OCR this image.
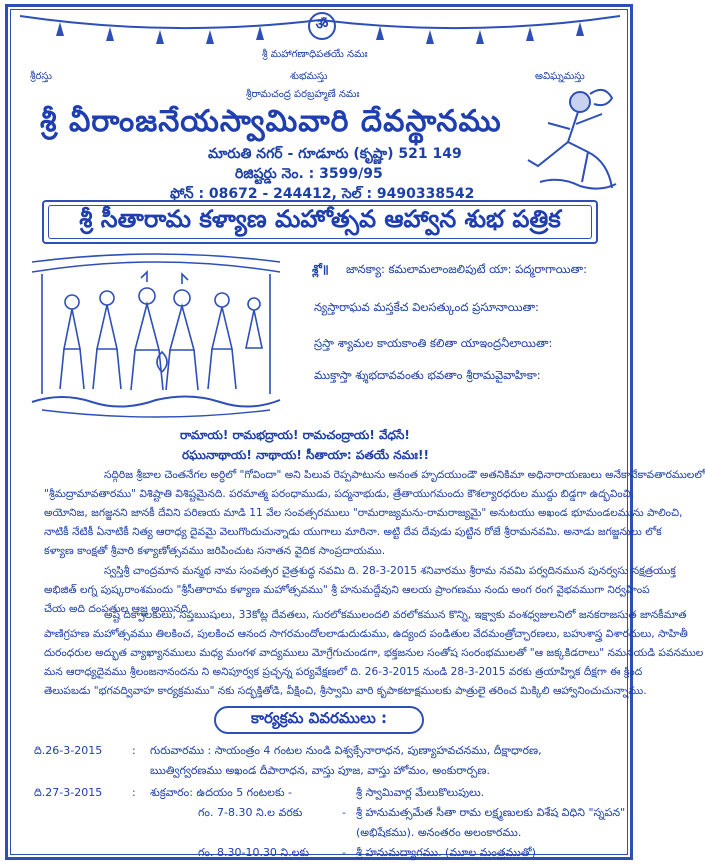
ॐ
శ్రీ మహాగణాధిపతయే నమః
శ్రీరస్తు	శుభమస్తు	అవిఘ్నమస్తు
శ్రీరామచంద్ర పరబ్రహ్మణే నమః
శ్రీ వీరాంజనేయస్వామివారి దేవస్థానము
మారుతి నగర్ - గూడూరు (కృష్ణా) 521 149
రిజిష్టర్డు నెం. : 3599/95
ఫోన్ : 08672 - 244412, సెల్ : 9490338542
శ్రీ సీతారామ కళ్యాణ మహోత్సవ ఆహ్వాన శుభ పత్రిక
శ్లో॥ జానక్యా: కమలామలాంజలిపుటే యా: పద్మరాగాయితా:
న్యస్తారాఘవ మస్తకేచ విలసత్కుంద ప్రసూనాయితా:
స్రస్తా శ్యామల కాయకాంతి కలితా యాఇంద్రనీలాయితా:
ముక్తాస్తా శ్శుభదావవంతు భవతాం శ్రీరామవైవాహికా:
రామాయ! రామభద్రాయ! రామచంద్రాయ! వేధసే!
రఘునాథాయ! నాథాయ! సీతాయా: పతయే నమః!!
సద్గిరిజ శ్రీబాల చెంతనేగల అర్ధిలో "గోవిందా" అని పిలువ రెప్పపాటును అనంత హృదయుండౌ అతనికిమా అధినారాయణులు అనేకానేకావతారములలో
"శ్రీమద్రామావతారము" విశిష్టాతి విశిష్టమైనది. పరమాత్మ పరంధాముడు, పద్మనాభుడు, త్రేతాయుగమందు కౌశల్యారధరుల ముద్దు బిడ్డగా ఉద్భవించి,
అయోనిజ, జగజ్జనని జానకీ దేవిని పరిణయ మాడి 11 వేల సంవత్సరములు "రామరాజ్యమను-రామరాజ్యమై" అనుటయు అఖండ భూమండలమును పాలించి,
నాటికీ నేటికీ ఏనాటికీ నిత్య ఆరాధ్య దైవమై వెలుగొందుచున్నాడు యుగాలు మారినా. అట్టి దేవ దేవుడు పుట్టిన రోజే శ్రీరామనవమి. అనాడు జగజ్జనులు లోక
కళ్యాణ కాంక్షతో శ్రీవారి కళ్యాణోత్సవము జరిపించుట సనాతన వైదిక సాంప్రదాయము.
స్వస్తిశ్రీ చాంద్రమాన మన్మథ నామ సంవత్సర చైత్రశుద్ధ నవమి ది. 28-3-2015 శనివారము శ్రీరామ నవమి పర్వదినమున పునర్వసు నక్షత్రయుక్త
అభిజిత్ లగ్న పుష్కరాంశమందు "శ్రీసీతారామ కళ్యాణ మహోత్సవము" శ్రీ హనుమద్దేవుని ఆలయ ప్రాంగణము నందు అంగ రంగ వైభవముగా నిర్వహింప
చేయ అది దంపతుల ఆజ్ఞ అయినది.
అష్ట దిక్పాలకులు, సప్తఋషులు, 33కోట్ల దేవతలు, సురలోకములందలి వరలోకమున కొన్ని, ఇక్ష్వాకు వంశధ్వజులనిలో జనకరాజసుత జానకీమాత
పాణిగ్రహణ మహోత్సవము తిలకించ, పులకించ ఆనంద సాగరమందోలలాడుదుడుము, ఉద్యంద పండితుల వేదమంత్రోచ్ఛారణలు, బహుశాస్త్ర విశారదులు, సాహితీ
దురంధరుల అద్భుత వ్యాఖ్యానములు మధ్య మంగళ వాద్యములు మోగ్రేగుచుండగా, భక్తజనుల సంతోష సంరంభములతో "ఆ జక్కకిడరాలు" నమనయడి పవనముల
మన ఆరాధ్యదైవము శ్రీలంజనానందను ని అనిపూర్వక ప్రచ్ఛన్న పర్యవేక్షణలో ది. 26-3-2015 నుండి 28-3-2015 వరకు త్రయాహ్నిక దీక్షగా ఈ క్రింద
తెలుపబడు "భగవద్వివాహ కార్యక్రమము" నకు సద్భక్తితోడి, వీక్షించి, శ్రీస్వామి వారి కృపాకటాక్షములకు పాత్రులై తరించ మిక్కిలి ఆహ్వానించుచున్నాము.
కార్యక్రమ వివరములు :
ది.26-3-2015	: గురువారము : సాయంత్రం 4 గంటల నుండి విశ్వక్సేనారాధన, పుణ్యాహవచనము, దీక్షాధారణ,
ఋత్విగ్వరణము అఖండ దీపారాధన, వాస్తు పూజ, వాస్తు హోమం, అంకురార్పణ.
ది.27-3-2015	: శుక్రవారం: ఉదయం 5 గంటలకు -	శ్రీ స్వామివార్ల మేలుకొలుపులు.
గం. 7-8.30 ని.ల వరకు	- శ్రీ హనుమత్సమేత సీతా రామ లక్ష్మణులకు విశేష విధిని "స్నపన"
(అభిషేకము). అనంతరం అలంకారము.
గం. 8.30-10.30 ని.లకు	- శ్రీ హనుమద్యాగము. (మూల మంత్రముతో)
